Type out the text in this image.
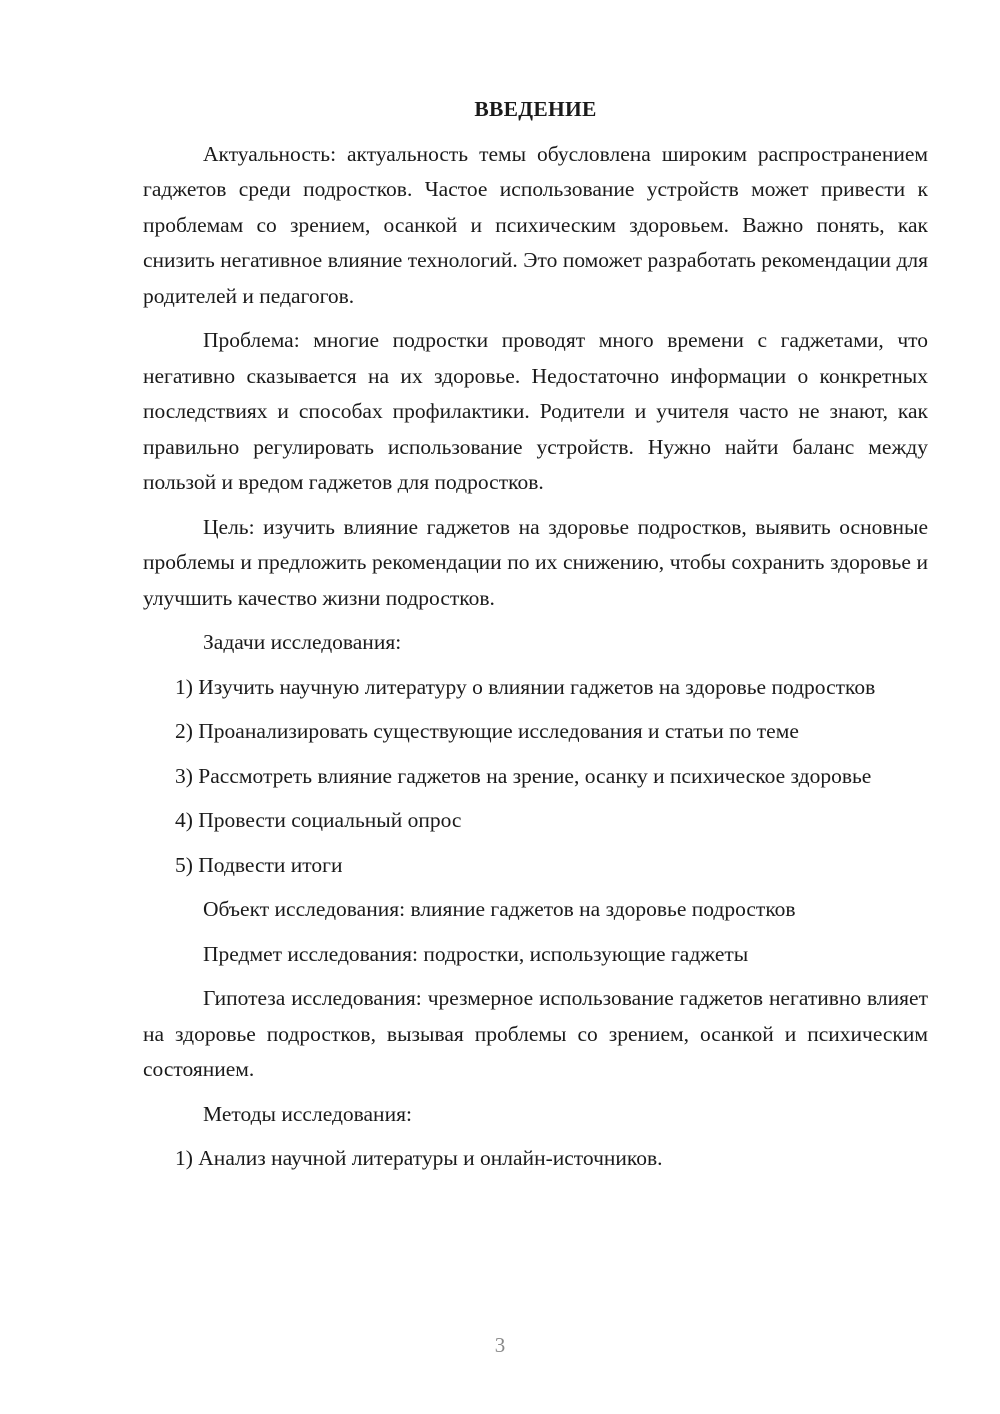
ВВЕДЕНИЕ
Актуальность: актуальность темы обусловлена широким распространением гаджетов среди подростков. Частое использование устройств может привести к проблемам со зрением, осанкой и психическим здоровьем. Важно понять, как снизить негативное влияние технологий. Это поможет разработать рекомендации для родителей и педагогов.
Проблема: многие подростки проводят много времени с гаджетами, что негативно сказывается на их здоровье. Недостаточно информации о конкретных последствиях и способах профилактики. Родители и учителя часто не знают, как правильно регулировать использование устройств. Нужно найти баланс между пользой и вредом гаджетов для подростков.
Цель: изучить влияние гаджетов на здоровье подростков, выявить основные проблемы и предложить рекомендации по их снижению, чтобы сохранить здоровье и улучшить качество жизни подростков.
Задачи исследования:
1) Изучить научную литературу о влиянии гаджетов на здоровье подростков
2) Проанализировать существующие исследования и статьи по теме
3) Рассмотреть влияние гаджетов на зрение, осанку и психическое здоровье
4) Провести социальный опрос
5) Подвести итоги
Объект исследования: влияние гаджетов на здоровье подростков
Предмет исследования: подростки, использующие гаджеты
Гипотеза исследования: чрезмерное использование гаджетов негативно влияет на здоровье подростков, вызывая проблемы со зрением, осанкой и психическим состоянием.
Методы исследования:
1) Анализ научной литературы и онлайн-источников.
3
